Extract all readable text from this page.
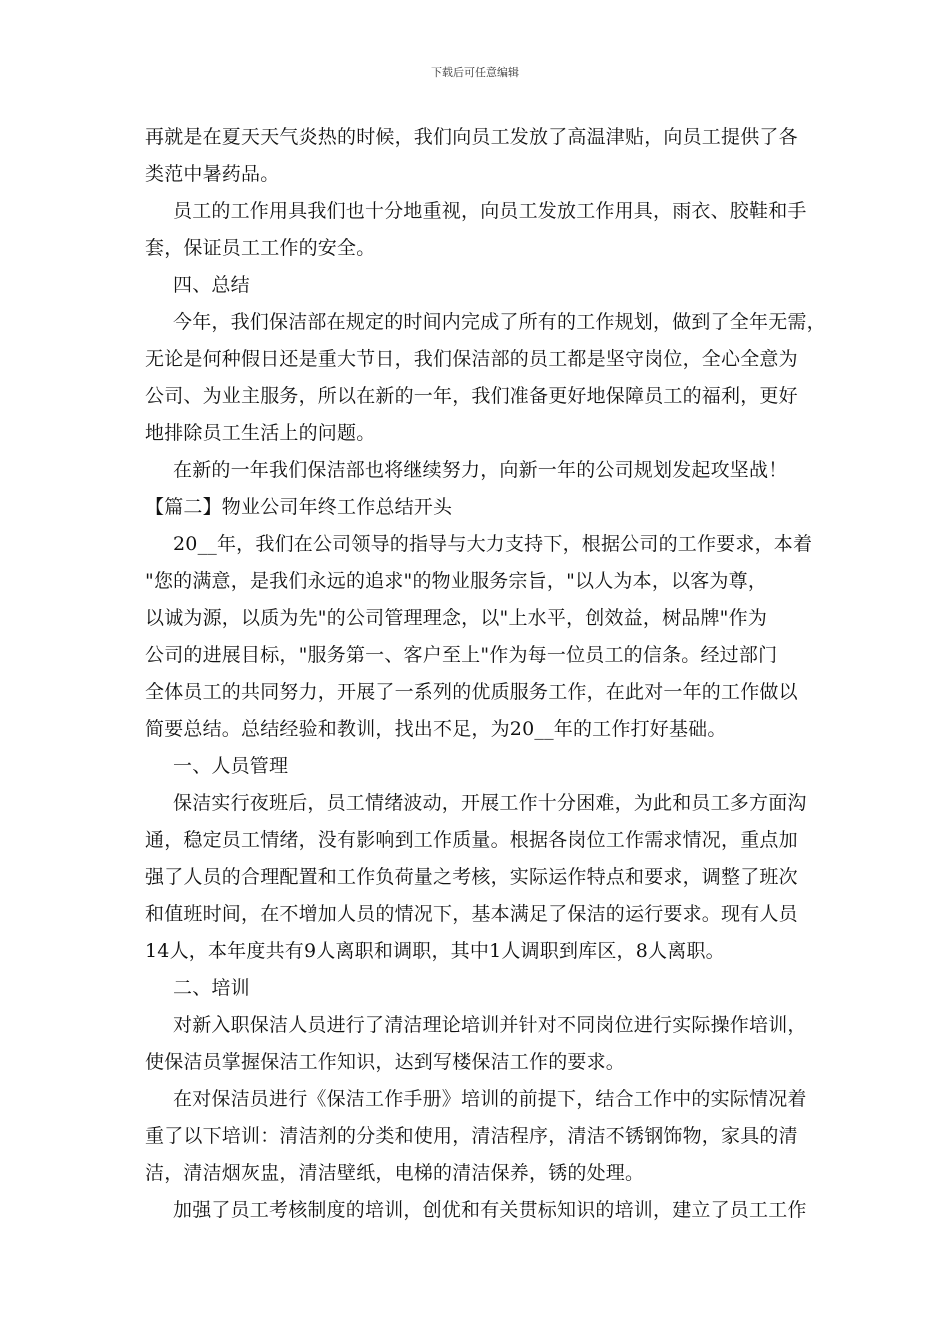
下载后可任意编辑
再就是在夏天天气炎热的时候，我们向员工发放了高温津贴，向员工提供了各
类范中暑药品。
员工的工作用具我们也十分地重视，向员工发放工作用具，雨衣、胶鞋和手
套，保证员工工作的安全。
四、总结
今年，我们保洁部在规定的时间内完成了所有的工作规划，做到了全年无需，
无论是何种假日还是重大节日，我们保洁部的员工都是坚守岗位，全心全意为
公司、为业主服务，所以在新的一年，我们准备更好地保障员工的福利，更好
地排除员工生活上的问题。
在新的一年我们保洁部也将继续努力，向新一年的公司规划发起攻坚战！
【篇二】物业公司年终工作总结开头
20__年，我们在公司领导的指导与大力支持下，根据公司的工作要求，本着
"您的满意，是我们永远的追求"的物业服务宗旨，"以人为本，以客为尊，
以诚为源，以质为先"的公司管理理念，以"上水平，创效益，树品牌"作为
公司的进展目标，"服务第一、客户至上"作为每一位员工的信条。经过部门
全体员工的共同努力，开展了一系列的优质服务工作，在此对一年的工作做以
简要总结。总结经验和教训，找出不足，为20__年的工作打好基础。
一、人员管理
保洁实行夜班后，员工情绪波动，开展工作十分困难，为此和员工多方面沟
通，稳定员工情绪，没有影响到工作质量。根据各岗位工作需求情况，重点加
强了人员的合理配置和工作负荷量之考核，实际运作特点和要求，调整了班次
和值班时间，在不增加人员的情况下，基本满足了保洁的运行要求。现有人员
14人，本年度共有9人离职和调职，其中1人调职到库区，8人离职。
二、培训
对新入职保洁人员进行了清洁理论培训并针对不同岗位进行实际操作培训，
使保洁员掌握保洁工作知识，达到写楼保洁工作的要求。
在对保洁员进行《保洁工作手册》培训的前提下，结合工作中的实际情况着
重了以下培训：清洁剂的分类和使用，清洁程序，清洁不锈钢饰物，家具的清
洁，清洁烟灰盅，清洁壁纸，电梯的清洁保养，锈的处理。
加强了员工考核制度的培训，创优和有关贯标知识的培训，建立了员工工作
